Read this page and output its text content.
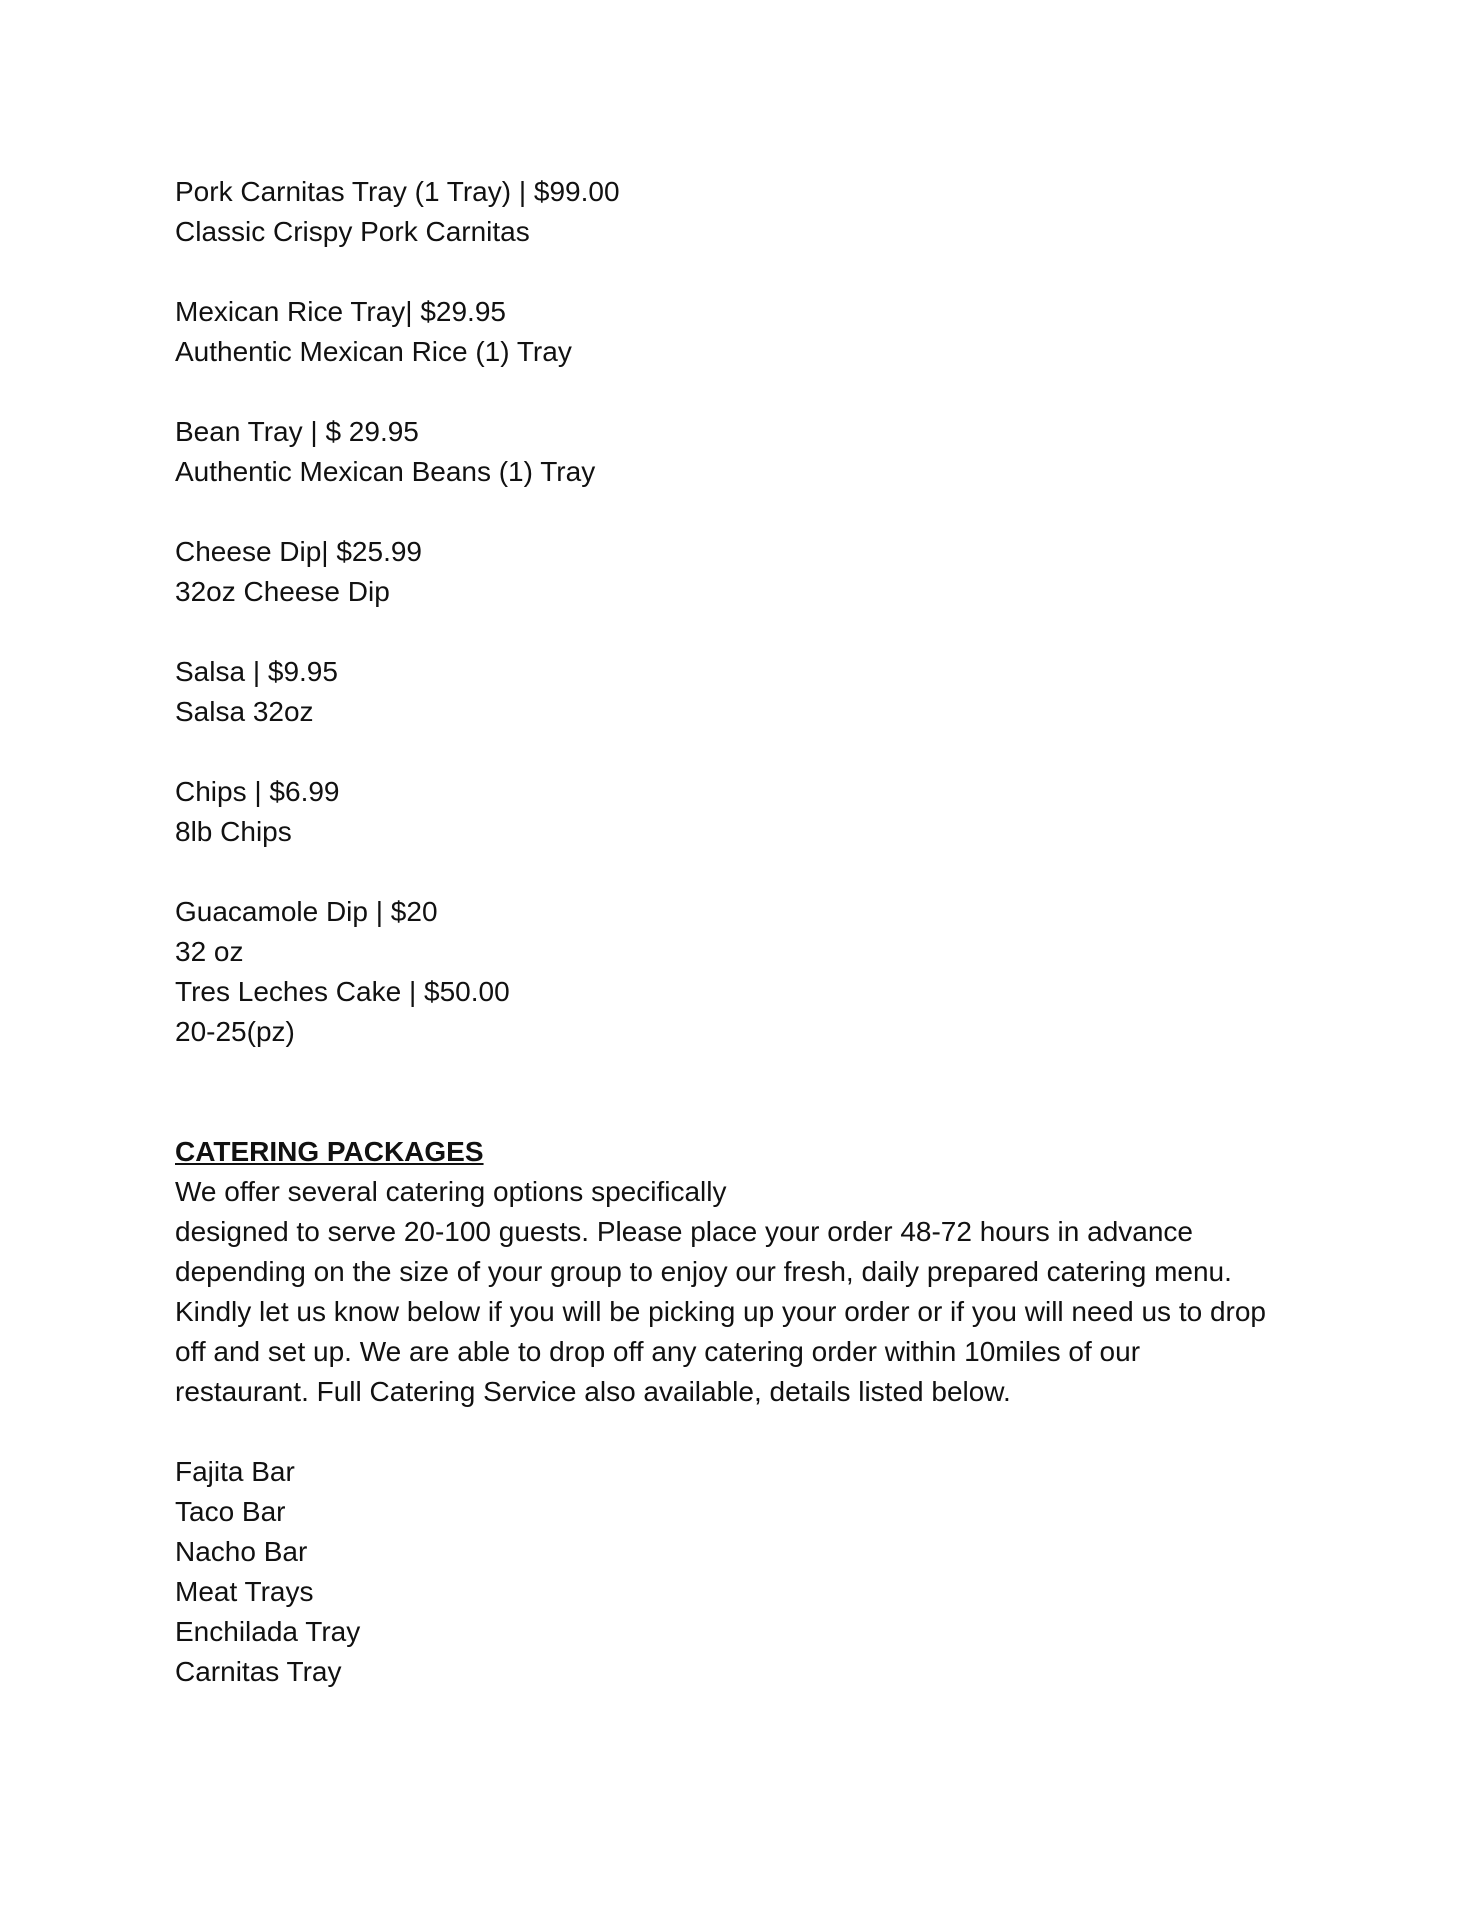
Pork Carnitas Tray (1 Tray) | $99.00
Classic Crispy Pork Carnitas
Mexican Rice Tray| $29.95
Authentic Mexican Rice (1) Tray
Bean Tray | $ 29.95
Authentic Mexican Beans (1) Tray
Cheese Dip| $25.99
32oz Cheese Dip
Salsa | $9.95
Salsa 32oz
Chips | $6.99
8lb Chips
Guacamole Dip | $20
32 oz
Tres Leches Cake | $50.00
20-25(pz)
CATERING PACKAGES
We offer several catering options specifically
designed to serve 20-100 guests. Please place your order 48-72 hours in advance
depending on the size of your group to enjoy our fresh, daily prepared catering menu.
Kindly let us know below if you will be picking up your order or if you will need us to drop
off and set up. We are able to drop off any catering order within 10miles of our
restaurant. Full Catering Service also available, details listed below.
Fajita Bar
Taco Bar
Nacho Bar
Meat Trays
Enchilada Tray
Carnitas Tray
